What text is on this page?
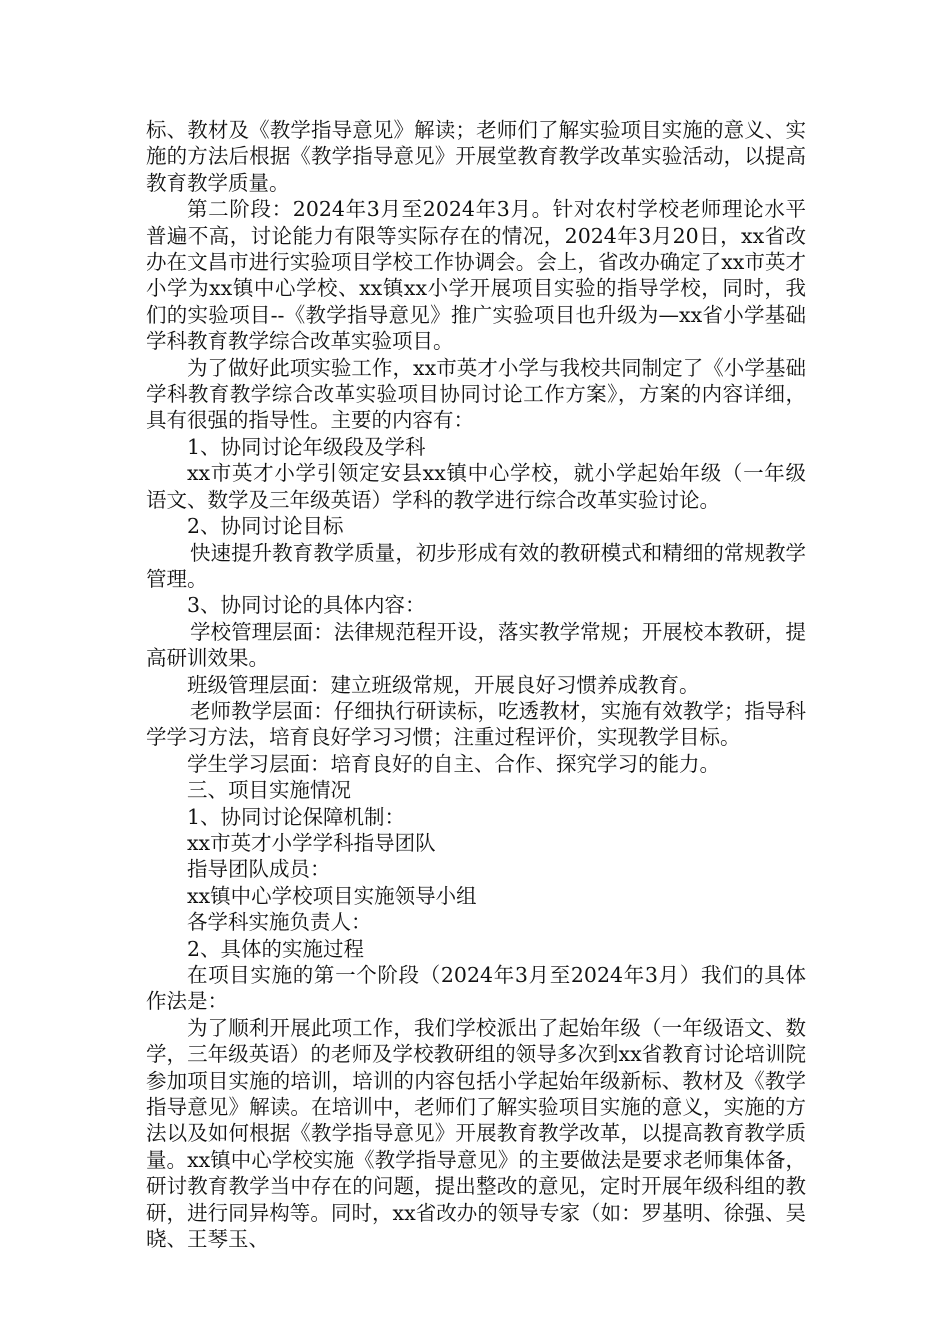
标、教材及《教学指导意见》解读；老师们了解实验项目实施的意义、实施的方法后根据《教学指导意见》开展堂教育教学改革实验活动，以提高教育教学质量。

第二阶段：2024年3月至2024年3月。针对农村学校老师理论水平普遍不高，讨论能力有限等实际存在的情况，2024年3月20日，xx省改办在文昌市进行实验项目学校工作协调会。会上，省改办确定了xx市英才小学为xx镇中心学校、xx镇xx小学开展项目实验的指导学校，同时，我们的实验项目--《教学指导意见》推广实验项目也升级为—xx省小学基础学科教育教学综合改革实验项目。

为了做好此项实验工作，xx市英才小学与我校共同制定了《小学基础学科教育教学综合改革实验项目协同讨论工作方案》，方案的内容详细，具有很强的指导性。主要的内容有：

1、协同讨论年级段及学科

xx市英才小学引领定安县xx镇中心学校，就小学起始年级（一年级语文、数学及三年级英语）学科的教学进行综合改革实验讨论。

2、协同讨论目标

快速提升教育教学质量，初步形成有效的教研模式和精细的常规教学管理。

3、协同讨论的具体内容：

学校管理层面：法律规范程开设，落实教学常规；开展校本教研，提高研训效果。

班级管理层面：建立班级常规，开展良好习惯养成教育。

老师教学层面：仔细执行研读标，吃透教材，实施有效教学；指导科学学习方法，培育良好学习习惯；注重过程评价，实现教学目标。

学生学习层面：培育良好的自主、合作、探究学习的能力。

三、项目实施情况

1、协同讨论保障机制：

xx市英才小学学科指导团队

指导团队成员：

xx镇中心学校项目实施领导小组

各学科实施负责人：

2、具体的实施过程

在项目实施的第一个阶段（2024年3月至2024年3月）我们的具体作法是：

为了顺利开展此项工作，我们学校派出了起始年级（一年级语文、数学，三年级英语）的老师及学校教研组的领导多次到xx省教育讨论培训院参加项目实施的培训，培训的内容包括小学起始年级新标、教材及《教学指导意见》解读。在培训中，老师们了解实验项目实施的意义，实施的方法以及如何根据《教学指导意见》开展教育教学改革，以提高教育教学质量。xx镇中心学校实施《教学指导意见》的主要做法是要求老师集体备，研讨教育教学当中存在的问题，提出整改的意见，定时开展年级科组的教研，进行同异构等。同时，xx省改办的领导专家（如：罗基明、徐强、吴晓、王琴玉、
